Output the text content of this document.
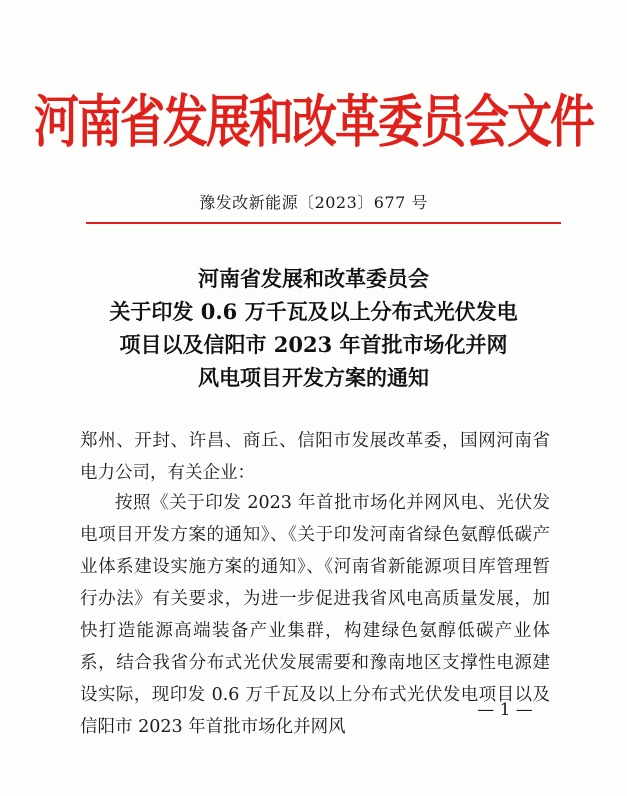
河南省发展和改革委员会文件
豫发改新能源〔2023〕677 号
河南省发展和改革委员会
关于印发 0.6 万千瓦及以上分布式光伏发电
项目以及信阳市 2023 年首批市场化并网
风电项目开发方案的通知
郑州、开封、许昌、商丘、信阳市发展改革委，国网河南省电力公司，有关企业：
按照《关于印发 2023 年首批市场化并网风电、光伏发电项目开发方案的通知》、《关于印发河南省绿色氨醇低碳产业体系建设实施方案的通知》、《河南省新能源项目库管理暂行办法》有关要求，为进一步促进我省风电高质量发展，加快打造能源高端装备产业集群，构建绿色氨醇低碳产业体系，结合我省分布式光伏发展需要和豫南地区支撑性电源建设实际，现印发 0.6 万千瓦及以上分布式光伏发电项目以及信阳市 2023 年首批市场化并网风
— 1 —
